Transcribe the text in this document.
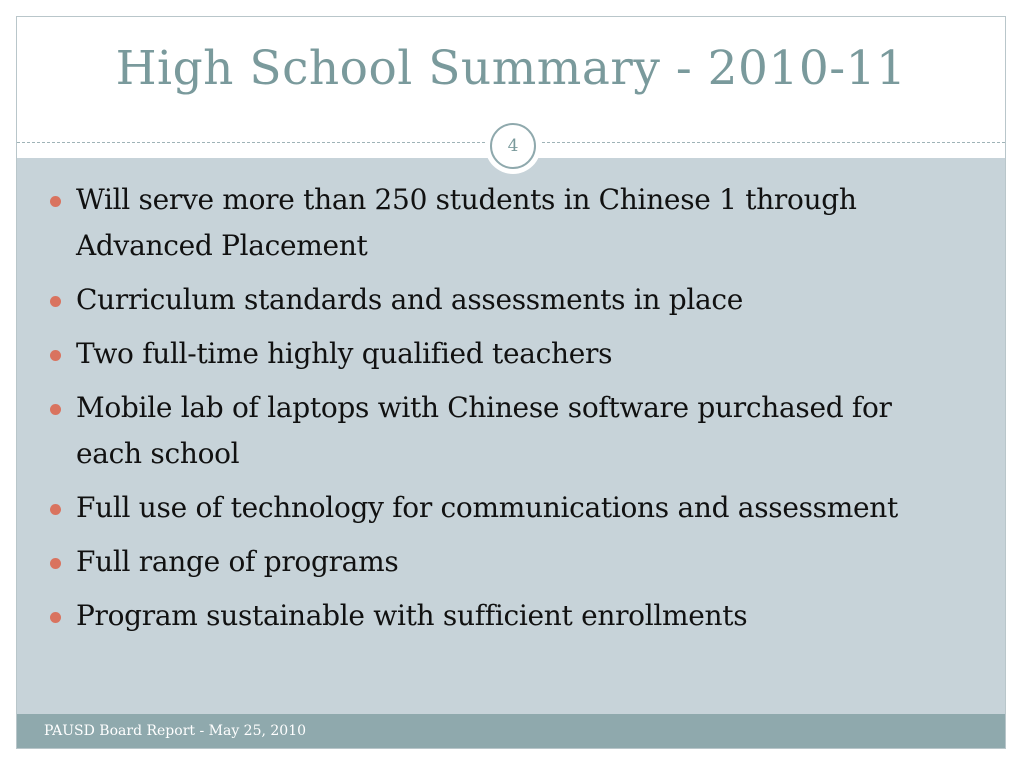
High School Summary - 2010-11
4
Will serve more than 250 students in Chinese 1 through Advanced Placement
Curriculum standards and assessments in place
Two full-time highly qualified teachers
Mobile lab of laptops with Chinese software purchased for each school
Full use of technology for communications and assessment
Full range of programs
Program sustainable with sufficient enrollments
PAUSD Board Report - May 25, 2010
